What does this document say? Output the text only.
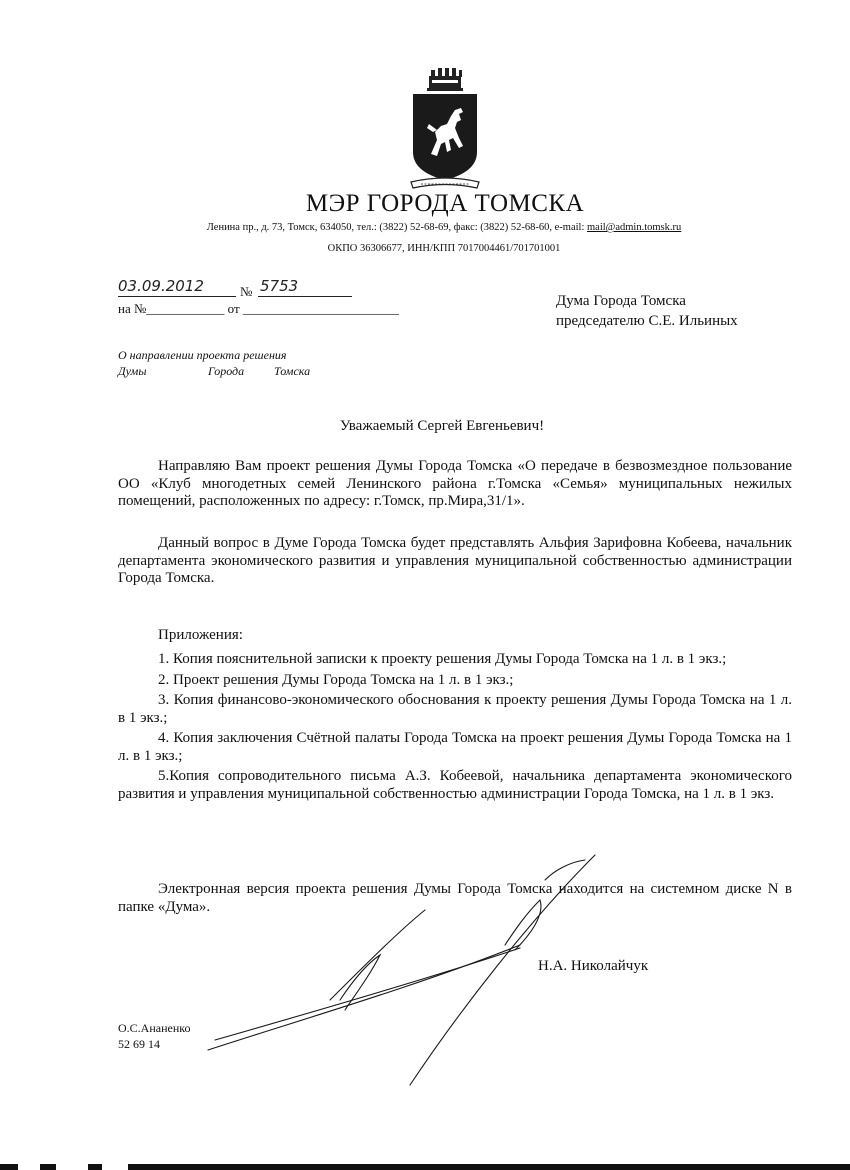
МЭР ГОРОДА ТОМСКА
Ленина пр., д. 73, Томск, 634050, тел.: (3822) 52-68-69, факс: (3822) 52-68-60, e-mail: mail@admin.tomsk.ru
ОКПО 36306677, ИНН/КПП 7017004461/701701001
03.09.2012	№ 5753
на №____________ от ________________________	Дума Города Томска
председателю С.Е. Ильиных
О направлении проекта решения
Думы	Города Томска
Уважаемый Сергей Евгеньевич!

Направляю Вам проект решения Думы Города Томска «О передаче в безвозмездное пользование ОО «Клуб многодетных семей Ленинского района г.Томска «Семья» муниципальных нежилых помещений, расположенных по адресу: г.Томск, пр.Мира,31/1».

Данный вопрос в Думе Города Томска будет представлять Альфия Зарифовна Кобеева, начальник департамента экономического развития и управления муниципальной собственностью администрации Города Томска.

Приложения:

1. Копия пояснительной записки к проекту решения Думы Города Томска на 1 л. в 1 экз.;

2. Проект решения Думы Города Томска на 1 л. в 1 экз.;

3. Копия финансово-экономического обоснования к проекту решения Думы Города Томска на 1 л. в 1 экз.;

4. Копия заключения Счётной палаты Города Томска на проект решения Думы Города Томска на 1 л. в 1 экз.;

5.Копия сопроводительного письма А.З. Кобеевой, начальника департамента экономического развития и управления муниципальной собственностью администрации Города Томска, на 1 л. в 1 экз.

Электронная версия проекта решения Думы Города Томска находится на системном диске N в папке «Дума».

Н.А. Николайчук
О.С.Ананенко
52 69 14
